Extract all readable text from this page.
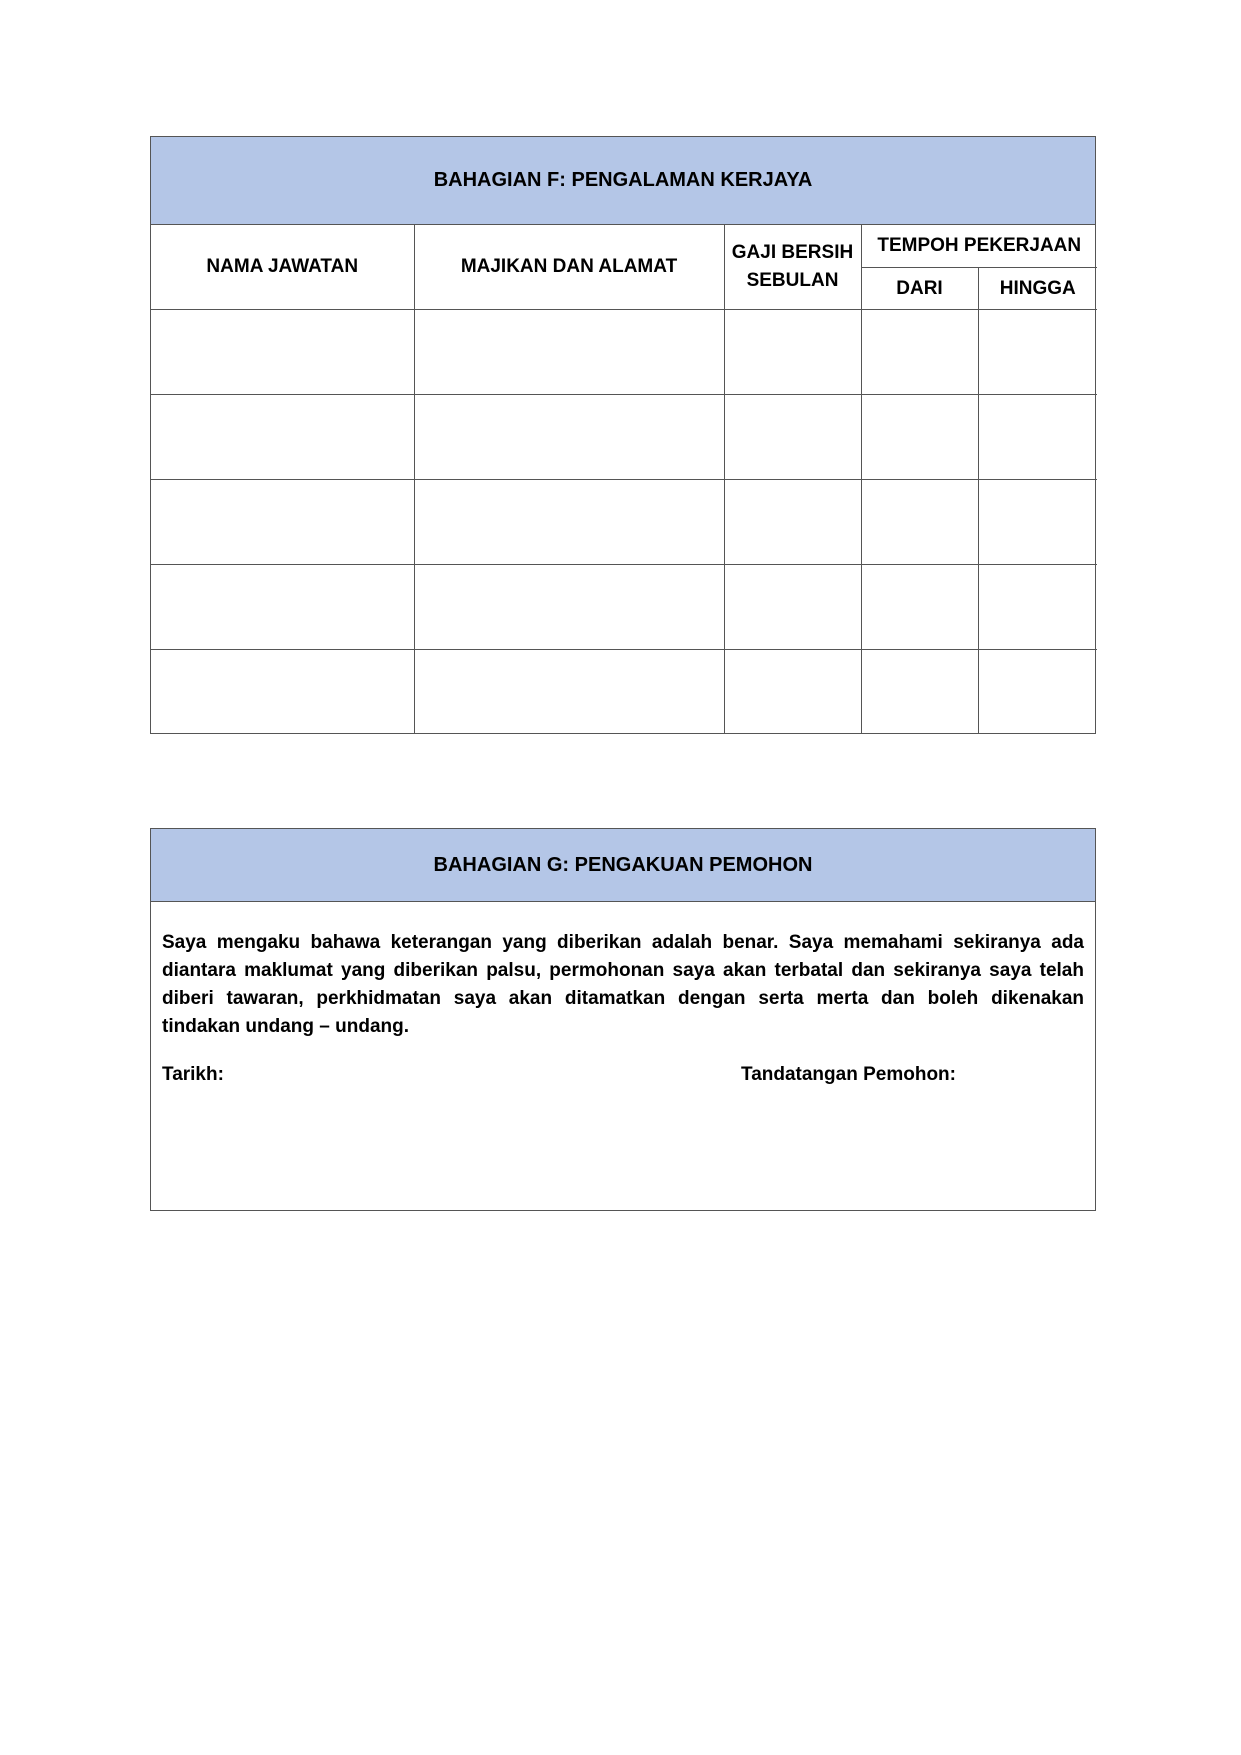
BAHAGIAN F: PENGALAMAN KERJAYA
NAMA JAWATAN	MAJIKAN DAN ALAMAT	GAJI BERSIH SEBULAN	TEMPOH PEKERJAAN	
			DARI	HINGGA

BAHAGIAN G: PENGAKUAN PEMOHON
Saya mengaku bahawa keterangan yang diberikan adalah benar. Saya memahami sekiranya ada diantara maklumat yang diberikan palsu, permohonan saya akan terbatal dan sekiranya saya telah diberi tawaran, perkhidmatan saya akan ditamatkan dengan serta merta dan boleh dikenakan tindakan undang – undang.
Tarikh:	Tandatangan Pemohon:
